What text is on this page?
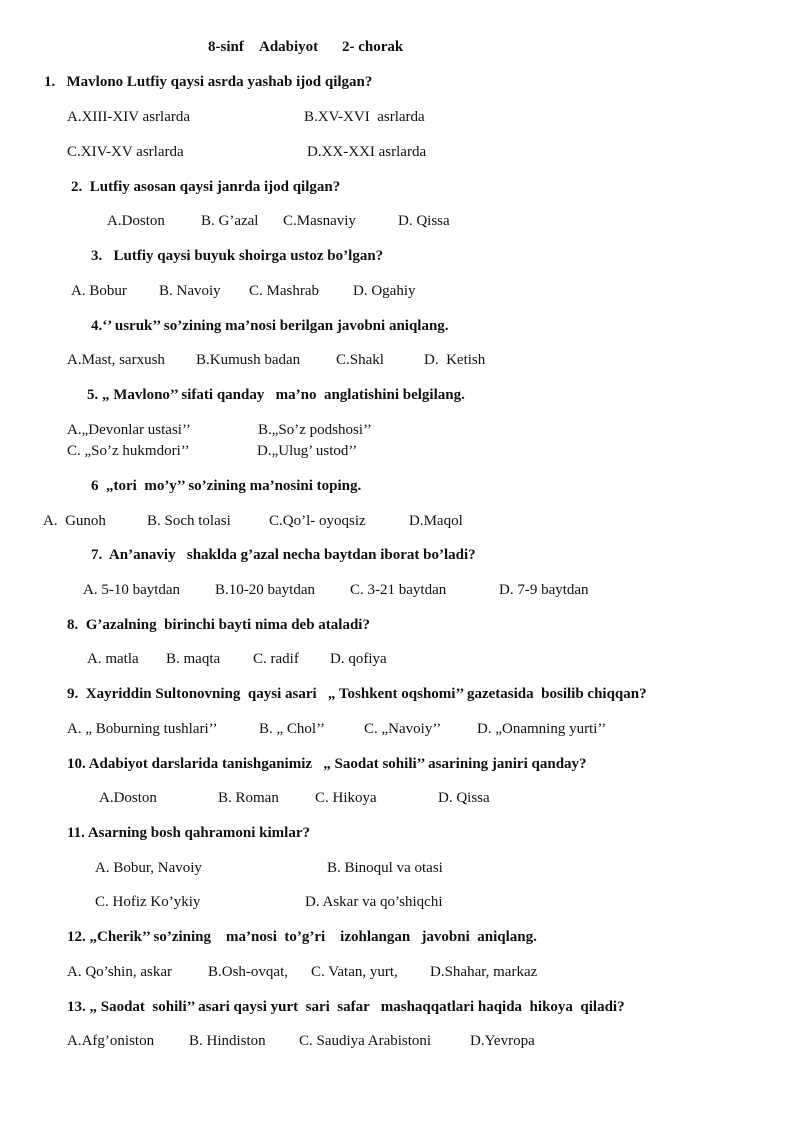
8-sinf Adabiyot 2- chorak
1.   Mavlono Lutfiy qaysi asrda yashab ijod qilgan?
A.XIII-XIV asrlarda	B.XV-XVI  asrlarda
C.XIV-XV asrlarda	D.XX-XXI asrlarda
2.  Lutfiy asosan qaysi janrda ijod qilgan?
A.Doston B. G’azal C.Masnaviy	D. Qissa
3.   Lutfiy qaysi buyuk shoirga ustoz bo’lgan?
A. Bobur B. Navoiy C. Mashrab D. Ogahiy
4.‘’ usruk’’ so’zining ma’nosi berilgan javobni aniqlang.
A.Mast, sarxush B.Kumush badan C.Shakl	D.  Ketish
5. „ Mavlono’’ sifati qanday   ma’no  anglatishini belgilang.
A.„Devonlar ustasi’’	B.„So’z podshosi’’
C. „So’z hukmdori’’	D.„Ulug’ ustod’’
6  „tori  mo’y’’ so’zining ma’nosini toping.
A.  Gunoh	B. Soch tolasi	C.Qo’l- oyoqsiz	D.Maqol
7.  An’anaviy   shaklda g’azal necha baytdan iborat bo’ladi?
A. 5-10 baytdan B.10-20 baytdan C. 3-21 baytdan	D. 7-9 baytdan
8.  G’azalning  birinchi bayti nima deb ataladi?
A. matla B. maqta C. radif D. qofiya
9.  Xayriddin Sultonovning  qaysi asari   „ Toshkent oqshomi’’ gazetasida  bosilib chiqqan?
A. „ Boburning tushlari’’	B. „ Chol’’	C. „Navoiy’’ D. „Onamning yurti’’
10. Adabiyot darslarida tanishganimiz   „ Saodat sohili’’ asarining janiri qanday?
A.Doston	B. Roman C. Hikoya	D. Qissa
11. Asarning bosh qahramoni kimlar?
A. Bobur, Navoiy	B. Binoqul va otasi
C. Hofiz Ko’ykiy	D. Askar va qo’shiqchi
12. „Cherik’’ so’zining    ma’nosi  to’g’ri    izohlangan   javobni  aniqlang.
A. Qo’shin, askar B.Osh-ovqat, C. Vatan, yurt, D.Shahar, markaz
13. „ Saodat  sohili’’ asari qaysi yurt  sari  safar   mashaqqatlari haqida  hikoya  qiladi?
A.Afg’oniston B. Hindiston C. Saudiya Arabistoni	D.Yevropa
